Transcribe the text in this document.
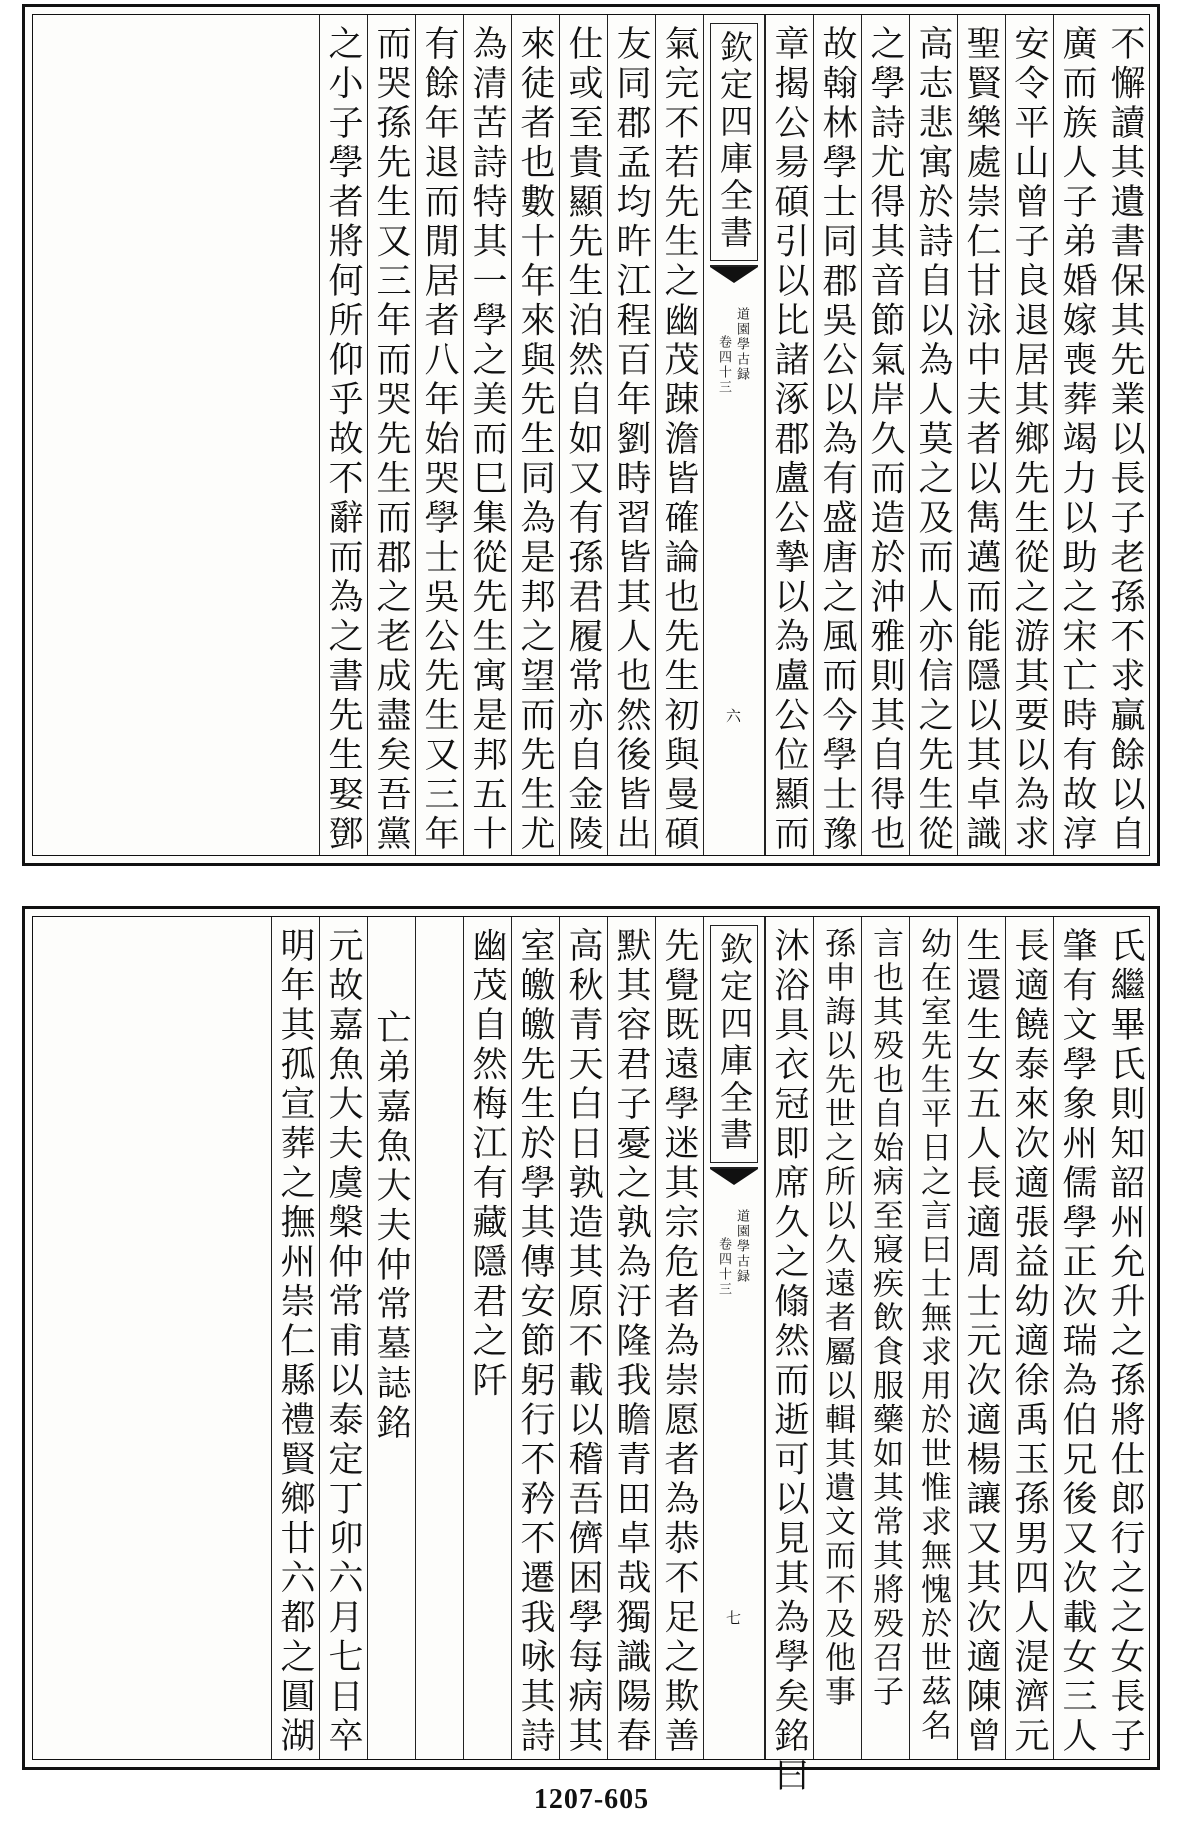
不懈讀其遺書保其先業以長子老孫不求贏餘以自
廣而族人子弟婚嫁喪葬竭力以助之宋亡時有故淳
安令平山曾子良退居其鄉先生從之游其要以為求
聖賢樂處崇仁甘泳中夫者以雋邁而能隱以其卓識
高志悲寓於詩自以為人莫之及而人亦信之先生從
之學詩尤得其音節氣岸久而造於沖雅則其自得也
故翰林學士同郡吳公以為有盛唐之風而今學士豫
章揭公昜碩引以比諸涿郡盧公摯以為盧公位顯而
欽定四庫全書
道園學古録
卷四十三
六
氣完不若先生之幽茂踈澹皆確論也先生初與曼碩
友同郡孟均旿江程百年劉時習皆其人也然後皆出
仕或至貴顯先生泊然自如又有孫君履常亦自金陵
來徒者也數十年來與先生同為是邦之望而先生尤
為清苦詩特其一學之美而巳集從先生寓是邦五十
有餘年退而閒居者八年始哭學士吳公先生又三年
而哭孫先生又三年而哭先生而郡之老成盡矣吾黨
之小子學者將何所仰乎故不辭而為之書先生娶鄧
氏繼畢氏則知韶州允升之孫將仕郎行之之女長子
肇有文學象州儒學正次瑞為伯兄後又次載女三人
長適饒泰來次適張益幼適徐禹玉孫男四人湜濟元
生還生女五人長適周士元次適楊讓又其次適陳曾
幼在室先生平日之言曰士無求用於世惟求無愧於世茲名
言也其殁也自始病至寢疾飲食服藥如其常其將殁召子
孫申誨以先世之所以久遠者屬以輯其遺文而不及他事
沐浴具衣冠即席久之翛然而逝可以見其為學矣銘曰
欽定四庫全書
道園學古録
卷四十三
七
先覺既遠學迷其宗危者為崇愿者為恭不足之欺善
默其容君子憂之孰為汙隆我瞻青田卓哉獨識陽春
高秋青天白日孰造其原不載以稽吾儕困學每病其
室皦皦先生於學其傳安節躬行不矜不遷我咏其詩
幽茂自然梅江有藏隱君之阡
亡弟嘉魚大夫仲常墓誌銘
元故嘉魚大夫虞槃仲常甫以泰定丁卯六月七日卒
明年其孤宣葬之撫州崇仁縣禮賢鄉廿六都之圓湖
1207-605
